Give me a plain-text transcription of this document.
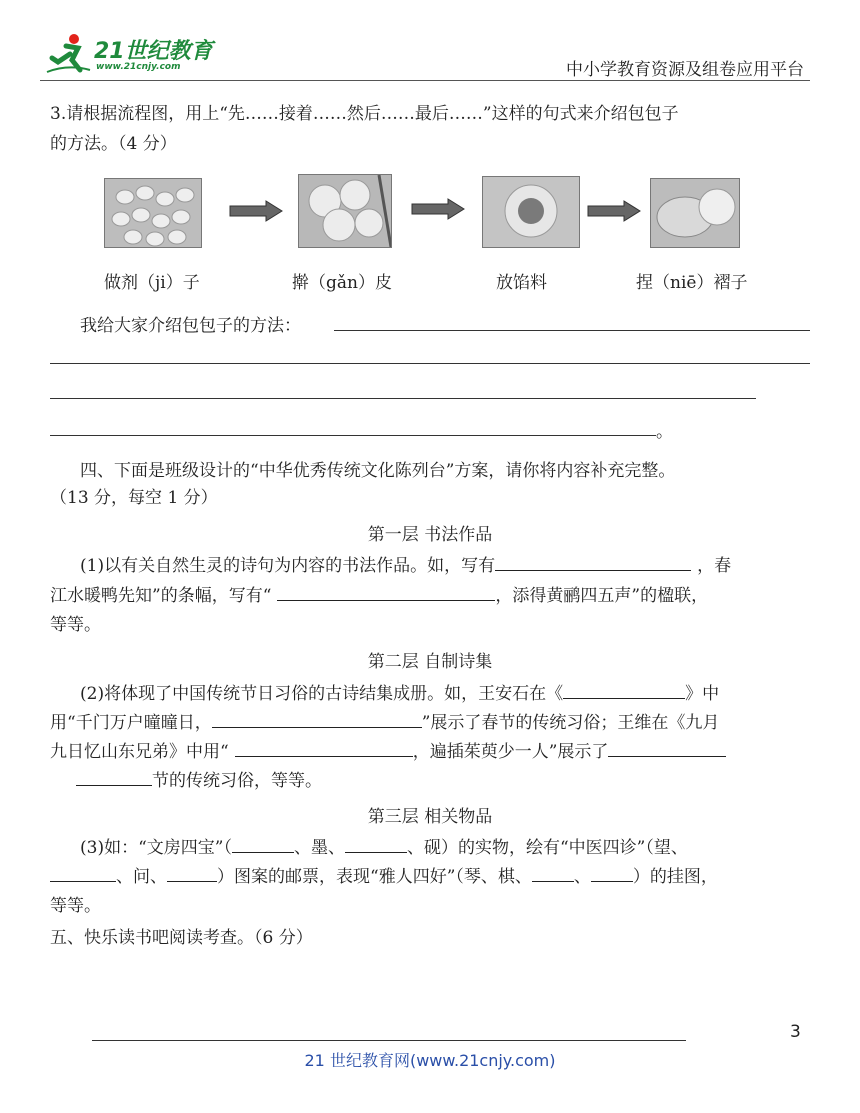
21世纪教育
www.21cnjy.com	中小学教育资源及组卷应用平台
3.请根据流程图，用上“先……接着……然后……最后……”这样的句式来介绍包包子
的方法。（4 分）
做剂（ji）子	擀（gǎn）皮	放馅料	捏（niē）褶子
我给大家介绍包包子的方法：
。
四、下面是班级设计的“中华优秀传统文化陈列台”方案，请你将内容补充完整。
（13 分，每空 1 分）
第一层 书法作品
(1)以有关自然生灵的诗句为内容的书法作品。如，写有	，春
江水暖鸭先知”的条幅，写有“	，添得黄鹂四五声”的楹联，
等等。
第二层 自制诗集
(2)将体现了中国传统节日习俗的古诗结集成册。如，王安石在《	》中
用“千门万户曈曈日，	”展示了春节的传统习俗；王维在《九月
九日忆山东兄弟》中用“	，遍插茱萸少一人”展示了
节的传统习俗，等等。
第三层 相关物品
(3)如：“文房四宝”（	、墨、	、砚）的实物，绘有“中医四诊”（望、
、问、	）图案的邮票，表现“雅人四好”（琴、棋、 、 ）的挂图，
等等。
五、快乐读书吧阅读考查。（6 分）
3
21 世纪教育网(www.21cnjy.com)
